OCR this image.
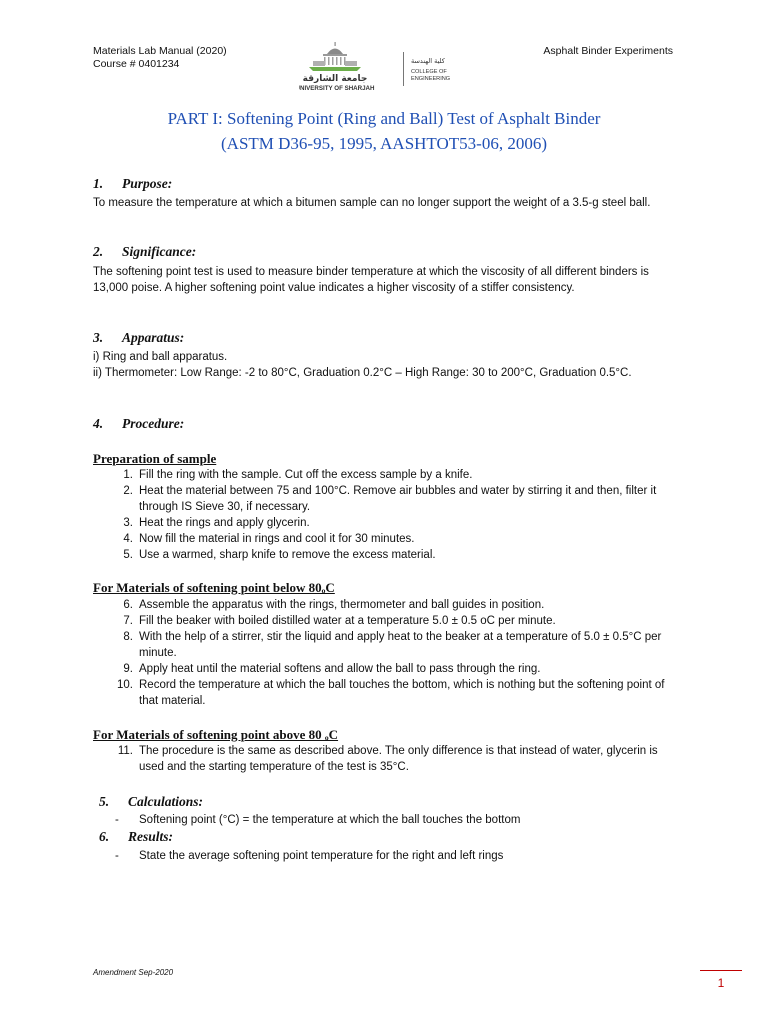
Materials Lab Manual (2020)
Course # 0401234
Asphalt Binder Experiments
جامعة الشارقة
UNIVERSITY OF SHARJAH
كلية الهندسة
COLLEGE OF
ENGINEERING
PART I: Softening Point (Ring and Ball) Test of Asphalt Binder
(ASTM D36-95, 1995, AASHTOT53-06, 2006)
1. Purpose:
To measure the temperature at which a bitumen sample can no longer support the weight of a 3.5-g steel ball.
2. Significance:
The softening point test is used to measure binder temperature at which the viscosity of all different binders is 13,000 poise. A higher softening point value indicates a higher viscosity of a stiffer consistency.
3. Apparatus:
i) Ring and ball apparatus.
ii) Thermometer: Low Range: -2 to 80°C, Graduation 0.2°C – High Range: 30 to 200°C, Graduation 0.5°C.
4. Procedure:
Preparation of sample
1. Fill the ring with the sample. Cut off the excess sample by a knife.
2. Heat the material between 75 and 100°C. Remove air bubbles and water by stirring it and then, filter it through IS Sieve 30, if necessary.
3. Heat the rings and apply glycerin.
4. Now fill the material in rings and cool it for 30 minutes.
5. Use a warmed, sharp knife to remove the excess material.
For Materials of softening point below 80ₒC
6. Assemble the apparatus with the rings, thermometer and ball guides in position.
7. Fill the beaker with boiled distilled water at a temperature 5.0 ± 0.5 oC per minute.
8. With the help of a stirrer, stir the liquid and apply heat to the beaker at a temperature of 5.0 ± 0.5°C per minute.
9. Apply heat until the material softens and allow the ball to pass through the ring.
10. Record the temperature at which the ball touches the bottom, which is nothing but the softening point of that material.
For Materials of softening point above 80 ₒC
11. The procedure is the same as described above. The only difference is that instead of water, glycerin is used and the starting temperature of the test is 35°C.
5. Calculations:
- Softening point (°C) = the temperature at which the ball touches the bottom
6. Results:
- State the average softening point temperature for the right and left rings
Amendment Sep-2020
1
